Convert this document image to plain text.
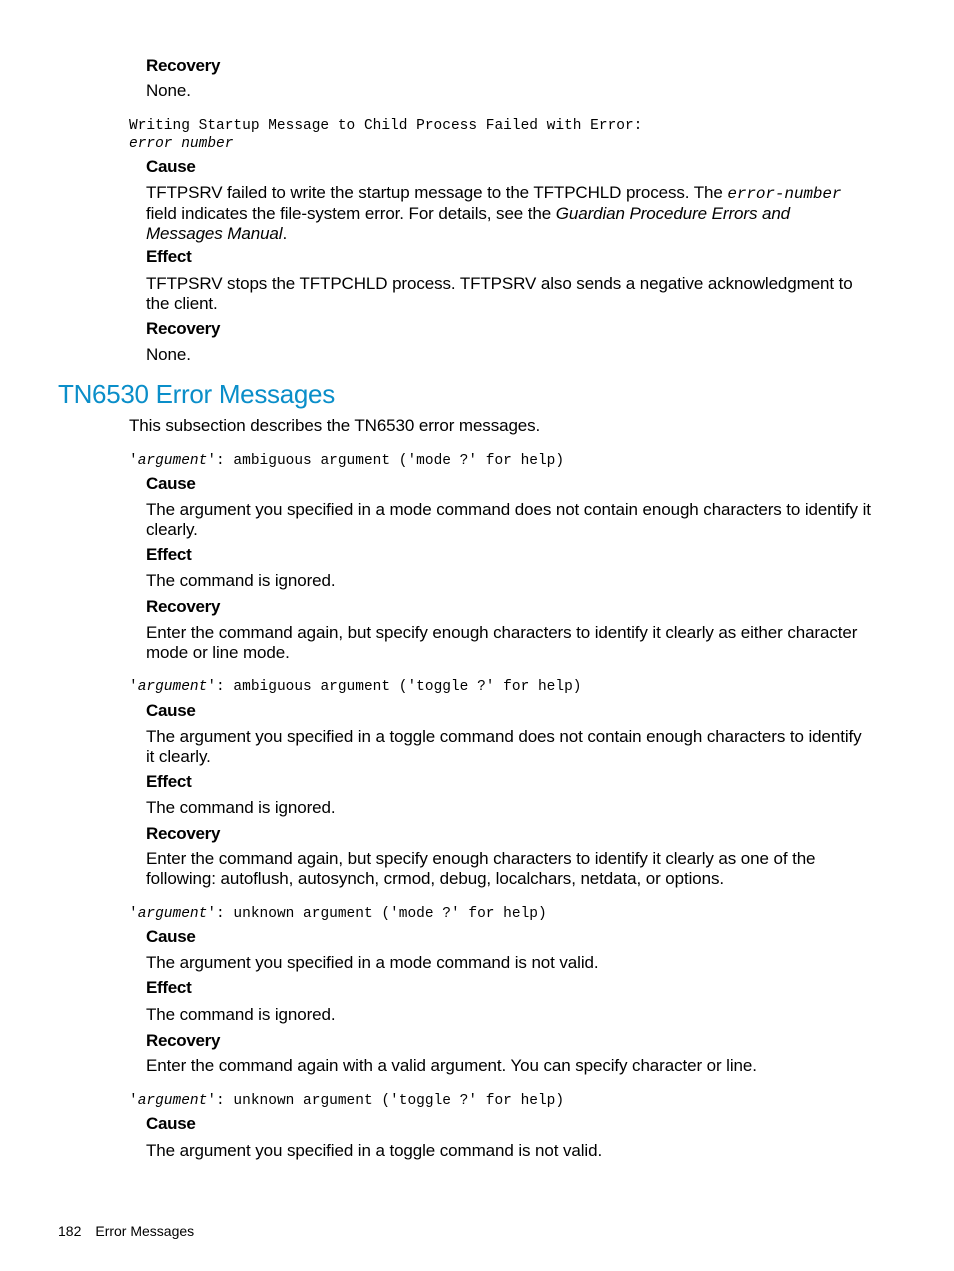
Recovery
None.
Writing Startup Message to Child Process Failed with Error:
error number
Cause
TFTPSRV failed to write the startup message to the TFTPCHLD process. The error-number field indicates the file-system error. For details, see the Guardian Procedure Errors and Messages Manual.
Effect
TFTPSRV stops the TFTPCHLD process. TFTPSRV also sends a negative acknowledgment to the client.
Recovery
None.
TN6530 Error Messages
This subsection describes the TN6530 error messages.
'argument': ambiguous argument ('mode ?' for help)
Cause
The argument you specified in a mode command does not contain enough characters to identify it clearly.
Effect
The command is ignored.
Recovery
Enter the command again, but specify enough characters to identify it clearly as either character mode or line mode.
'argument': ambiguous argument ('toggle ?' for help)
Cause
The argument you specified in a toggle command does not contain enough characters to identify it clearly.
Effect
The command is ignored.
Recovery
Enter the command again, but specify enough characters to identify it clearly as one of the following: autoflush, autosynch, crmod, debug, localchars, netdata, or options.
'argument': unknown argument ('mode ?' for help)
Cause
The argument you specified in a mode command is not valid.
Effect
The command is ignored.
Recovery
Enter the command again with a valid argument. You can specify character or line.
'argument': unknown argument ('toggle ?' for help)
Cause
The argument you specified in a toggle command is not valid.
182 Error Messages
